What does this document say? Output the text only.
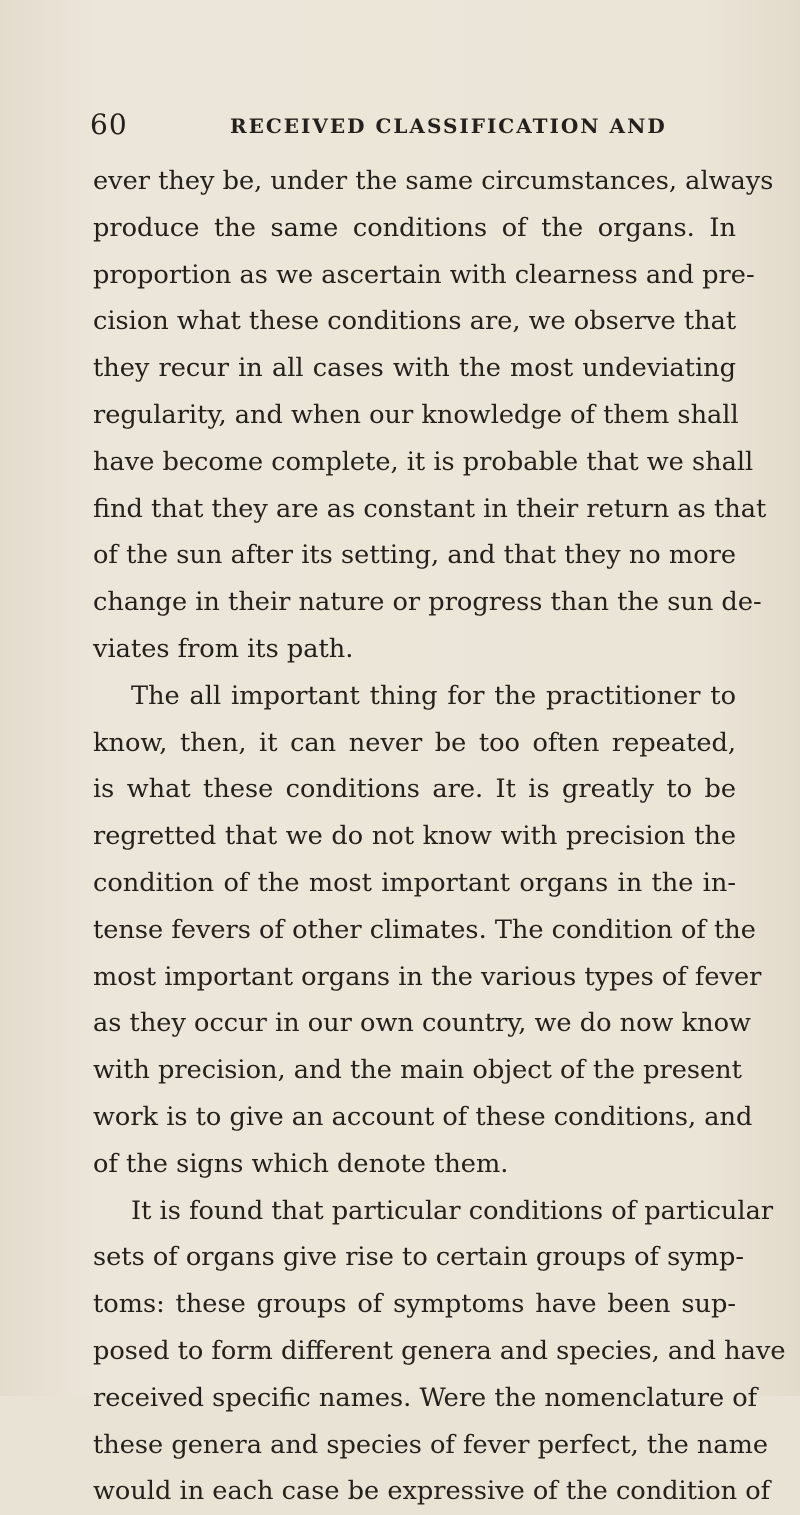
60	RECEIVED CLASSIFICATION AND
ever they be, under the same circumstances, always
produce the same conditions of the organs. In
proportion as we ascertain with clearness and pre-
cision what these conditions are, we observe that
they recur in all cases with the most undeviating
regularity, and when our knowledge of them shall
have become complete, it is probable that we shall
find that they are as constant in their return as that
of the sun after its setting, and that they no more
change in their nature or progress than the sun de-
viates from its path.
The all important thing for the practitioner to
know, then, it can never be too often repeated,
is what these conditions are. It is greatly to be
regretted that we do not know with precision the
condition of the most important organs in the in-
tense fevers of other climates. The condition of the
most important organs in the various types of fever
as they occur in our own country, we do now know
with precision, and the main object of the present
work is to give an account of these conditions, and
of the signs which denote them.
It is found that particular conditions of particular
sets of organs give rise to certain groups of symp-
toms: these groups of symptoms have been sup-
posed to form different genera and species, and have
received specific names. Were the nomenclature of
these genera and species of fever perfect, the name
would in each case be expressive of the condition of
